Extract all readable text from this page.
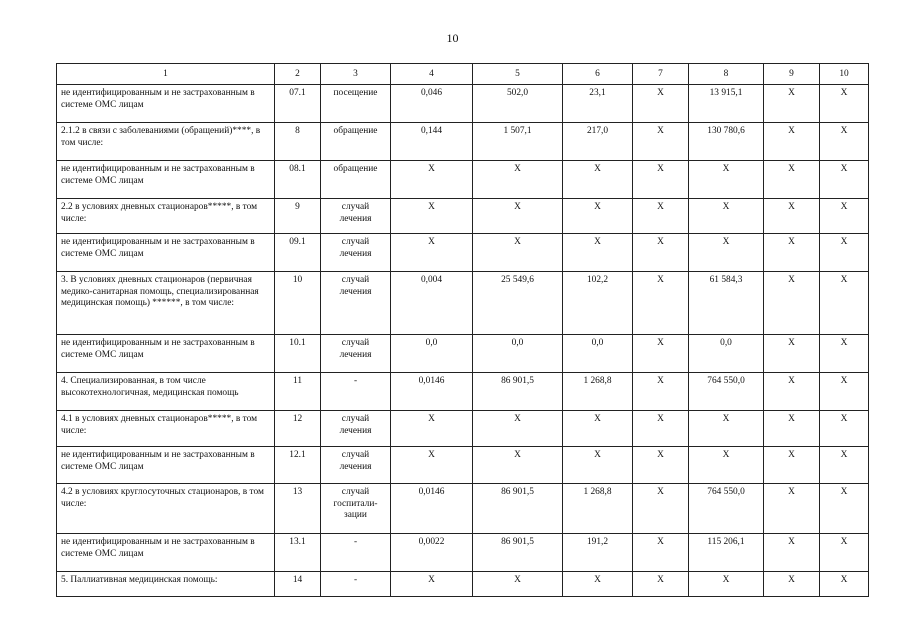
10
1	2	3	4	5	6	7	8	9	10
не идентифицированным и не застрахованным в системе ОМС лицам	07.1	посещение	0,046	502,0	23,1	X	13 915,1	X	X
2.1.2 в связи с заболеваниями (обращений)****, в том числе:	8	обращение	0,144	1 507,1	217,0	X	130 780,6	X	X
не идентифицированным и не застрахованным в системе ОМС лицам	08.1	обращение	X	X	X	X	X	X	X
2.2 в условиях дневных стационаров*****, в том числе:	9	случай лечения	X	X	X	X	X	X	X
не идентифицированным и не застрахованным в системе ОМС лицам	09.1	случай лечения	X	X	X	X	X	X	X
3. В условиях дневных стационаров (первичная медико-санитарная помощь, специализированная медицинская помощь) ******, в том числе:	10	случай лечения	0,004	25 549,6	102,2	X	61 584,3	X	X
не идентифицированным и не застрахованным в системе ОМС лицам	10.1	случай лечения	0,0	0,0	0,0	X	0,0	X	X
4. Специализированная, в том числе высокотехнологичная, медицинская помощь	11	-	0,0146	86 901,5	1 268,8	X	764 550,0	X	X
4.1 в условиях дневных стационаров*****, в том числе:	12	случай лечения	X	X	X	X	X	X	X
не идентифицированным и не застрахованным в системе ОМС лицам	12.1	случай лечения	X	X	X	X	X	X	X
4.2 в условиях круглосуточных стационаров, в том числе:	13	случай госпитали-зации	0,0146	86 901,5	1 268,8	X	764 550,0	X	X
не идентифицированным и не застрахованным в системе ОМС лицам	13.1	-	0,0022	86 901,5	191,2	X	115 206,1	X	X
5. Паллиативная медицинская помощь:	14	-	X	X	X	X	X	X	X
